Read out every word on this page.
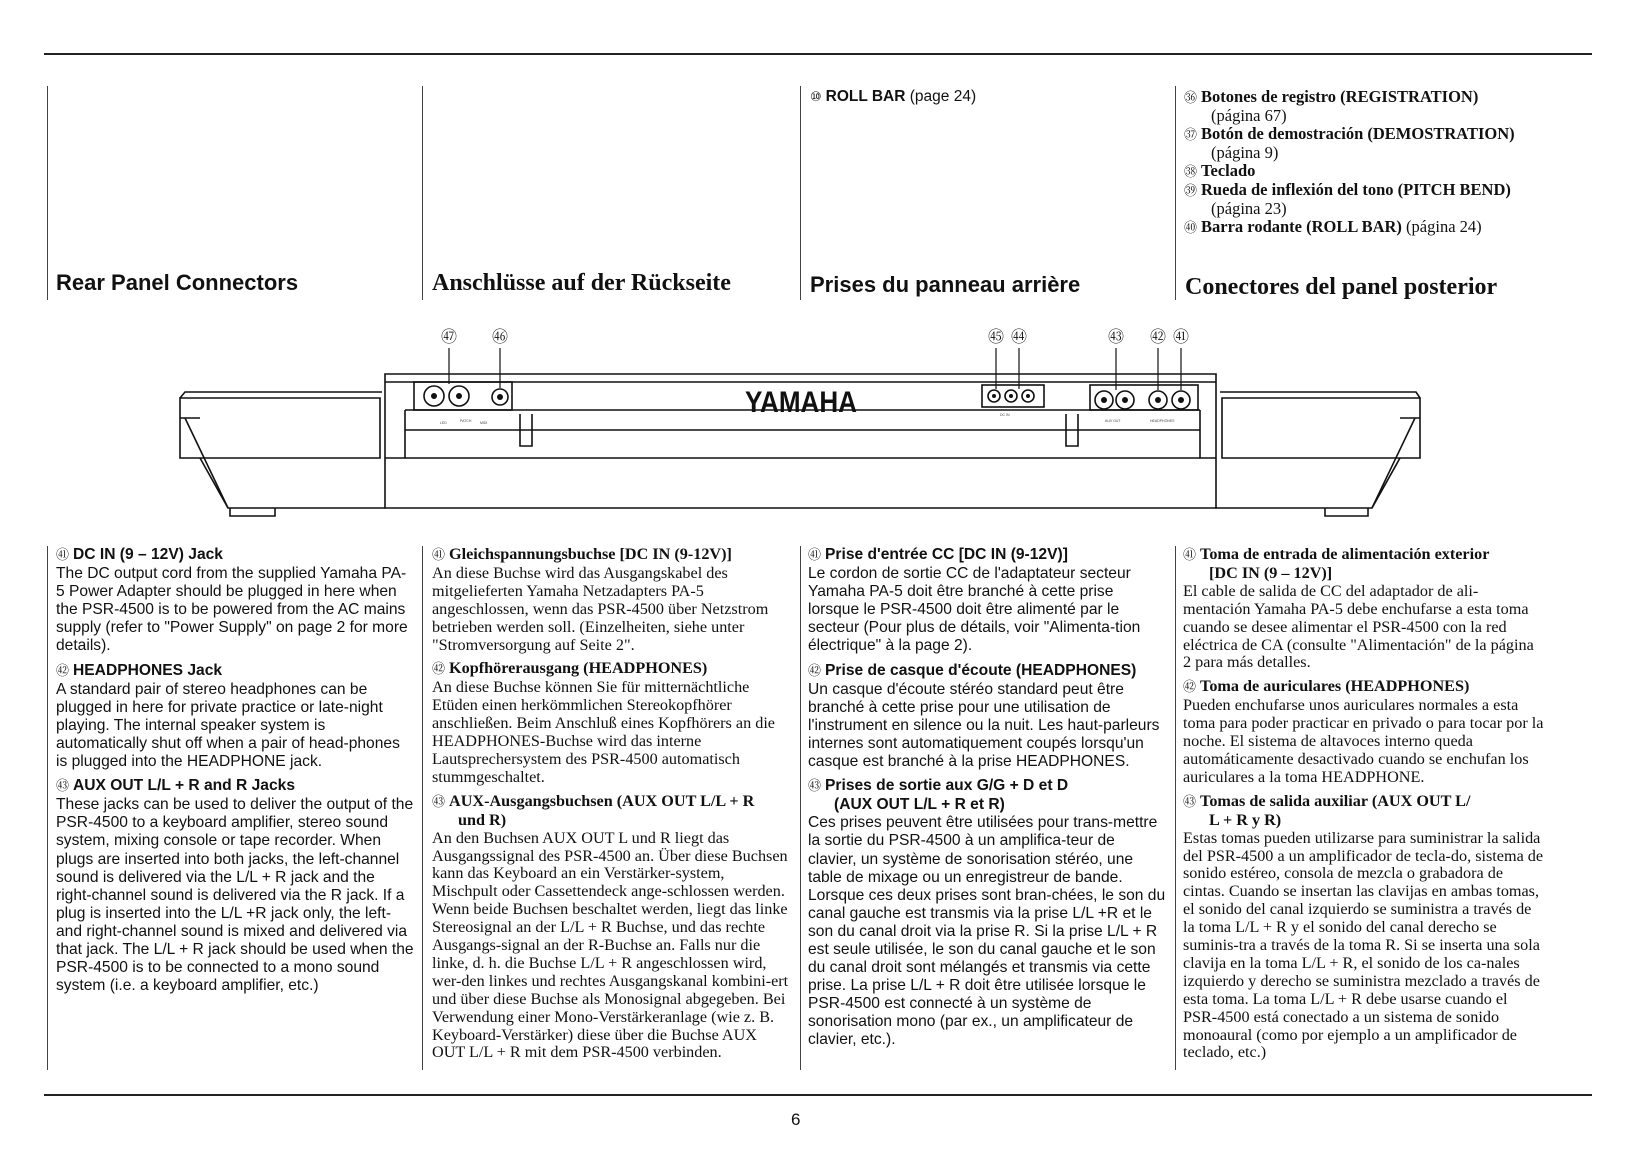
⑩ ROLL BAR (page 24)	㊱ Botones de registro (REGISTRATION)

(página 67)

㊲ Botón de demostración (DEMOSTRATION)

(página 9)

㊳ Teclado

㊴ Rueda de inflexión del tono (PITCH BEND)

(página 23)

㊵ Barra rodante (ROLL BAR) (página 24)

Rear Panel Connectors	Anschlüsse auf der Rückseite	Prises du panneau arrière	Conectores del panel posterior
YAMAHA
㊼ ㊻	㊺ ㊹	㊸ ㊷ ㊶
LED	PATCH MIDI
DC IN
AUX OUT	HEADPHONES

㊶ DC IN (9 – 12V) Jack

The DC output cord from the supplied Yamaha PA-5 Power Adapter should be plugged in here when the PSR-4500 is to be powered from the AC mains supply (refer to "Power Supply" on page 2 for more details).

㊷ HEADPHONES Jack

A standard pair of stereo headphones can be plugged in here for private practice or late-night playing. The internal speaker system is automatically shut off when a pair of head-phones is plugged into the HEADPHONE jack.

㊸ AUX OUT L/L + R and R Jacks

These jacks can be used to deliver the output of the PSR-4500 to a keyboard amplifier, stereo sound system, mixing console or tape recorder. When plugs are inserted into both jacks, the left-channel sound is delivered via the L/L + R jack and the right-channel sound is delivered via the R jack. If a plug is inserted into the L/L +R jack only, the left- and right-channel sound is mixed and delivered via that jack. The L/L + R jack should be used when the PSR-4500 is to be connected to a mono sound system (i.e. a keyboard amplifier, etc.)

㊶ Gleichspannungsbuchse [DC IN (9-12V)]

An diese Buchse wird das Ausgangskabel des mitgelieferten Yamaha Netzadapters PA-5 angeschlossen, wenn das PSR-4500 über Netzstrom betrieben werden soll. (Einzelheiten, siehe unter "Stromversorgung auf Seite 2".

㊷ Kopfhörerausgang (HEADPHONES)

An diese Buchse können Sie für mitternächtliche Etüden einen herkömmlichen Stereokopfhörer anschließen. Beim Anschluß eines Kopfhörers an die HEADPHONES-Buchse wird das interne Lautsprechersystem des PSR-4500 automatisch stummgeschaltet.

㊸ AUX-Ausgangsbuchsen (AUX OUT L/L + R
und R)

An den Buchsen AUX OUT L und R liegt das Ausgangssignal des PSR-4500 an. Über diese Buchsen kann das Keyboard an ein Verstärker-system, Mischpult oder Cassettendeck ange-schlossen werden. Wenn beide Buchsen beschaltet werden, liegt das linke Stereosignal an der L/L + R Buchse, und das rechte Ausgangs-signal an der R-Buchse an. Falls nur die linke, d. h. die Buchse L/L + R angeschlossen wird, wer-den linkes und rechtes Ausgangskanal kombini-ert und über diese Buchse als Monosignal abgegeben. Bei Verwendung einer Mono-Verstärkeranlage (wie z. B. Keyboard-Verstärker) diese über die Buchse AUX OUT L/L + R mit dem PSR-4500 verbinden.

㊶ Prise d'entrée CC [DC IN (9-12V)]

Le cordon de sortie CC de l'adaptateur secteur Yamaha PA-5 doit être branché à cette prise lorsque le PSR-4500 doit être alimenté par le secteur (Pour plus de détails, voir "Alimenta-tion électrique" à la page 2).

㊷ Prise de casque d'écoute (HEADPHONES)

Un casque d'écoute stéréo standard peut être branché à cette prise pour une utilisation de l'instrument en silence ou la nuit. Les haut-parleurs internes sont automatiquement coupés lorsqu'un casque est branché à la prise HEADPHONES.

㊸ Prises de sortie aux G/G + D et D
(AUX OUT L/L + R et R)

Ces prises peuvent être utilisées pour trans-mettre la sortie du PSR-4500 à un amplifica-teur de clavier, un système de sonorisation stéréo, une table de mixage ou un enregistreur de bande. Lorsque ces deux prises sont bran-chées, le son du canal gauche est transmis via la prise L/L +R et le son du canal droit via la prise R. Si la prise L/L + R est seule utilisée, le son du canal gauche et le son du canal droit sont mélangés et transmis via cette prise. La prise L/L + R doit être utilisée lorsque le PSR-4500 est connecté à un système de sonorisation mono (par ex., un amplificateur de clavier, etc.).

㊶ Toma de entrada de alimentación exterior
[DC IN (9 – 12V)]

El cable de salida de CC del adaptador de ali-mentación Yamaha PA-5 debe enchufarse a esta toma cuando se desee alimentar el PSR-4500 con la red eléctrica de CA (consulte "Alimentación" de la página 2 para más detalles.

㊷ Toma de auriculares (HEADPHONES)

Pueden enchufarse unos auriculares normales a esta toma para poder practicar en privado o para tocar por la noche. El sistema de altavoces interno queda automáticamente desactivado cuando se enchufan los auriculares a la toma HEADPHONE.

㊸ Tomas de salida auxiliar (AUX OUT L/
L + R y R)

Estas tomas pueden utilizarse para suministrar la salida del PSR-4500 a un amplificador de tecla-do, sistema de sonido estéreo, consola de mezcla o grabadora de cintas. Cuando se insertan las clavijas en ambas tomas, el sonido del canal izquierdo se suministra a través de la toma L/L + R y el sonido del canal derecho se suminis-tra a través de la toma R. Si se inserta una sola clavija en la toma L/L + R, el sonido de los ca-nales izquierdo y derecho se suministra mezclado a través de esta toma. La toma L/L + R debe usarse cuando el PSR-4500 está conectado a un sistema de sonido monoaural (como por ejemplo a un amplificador de teclado, etc.)

6
